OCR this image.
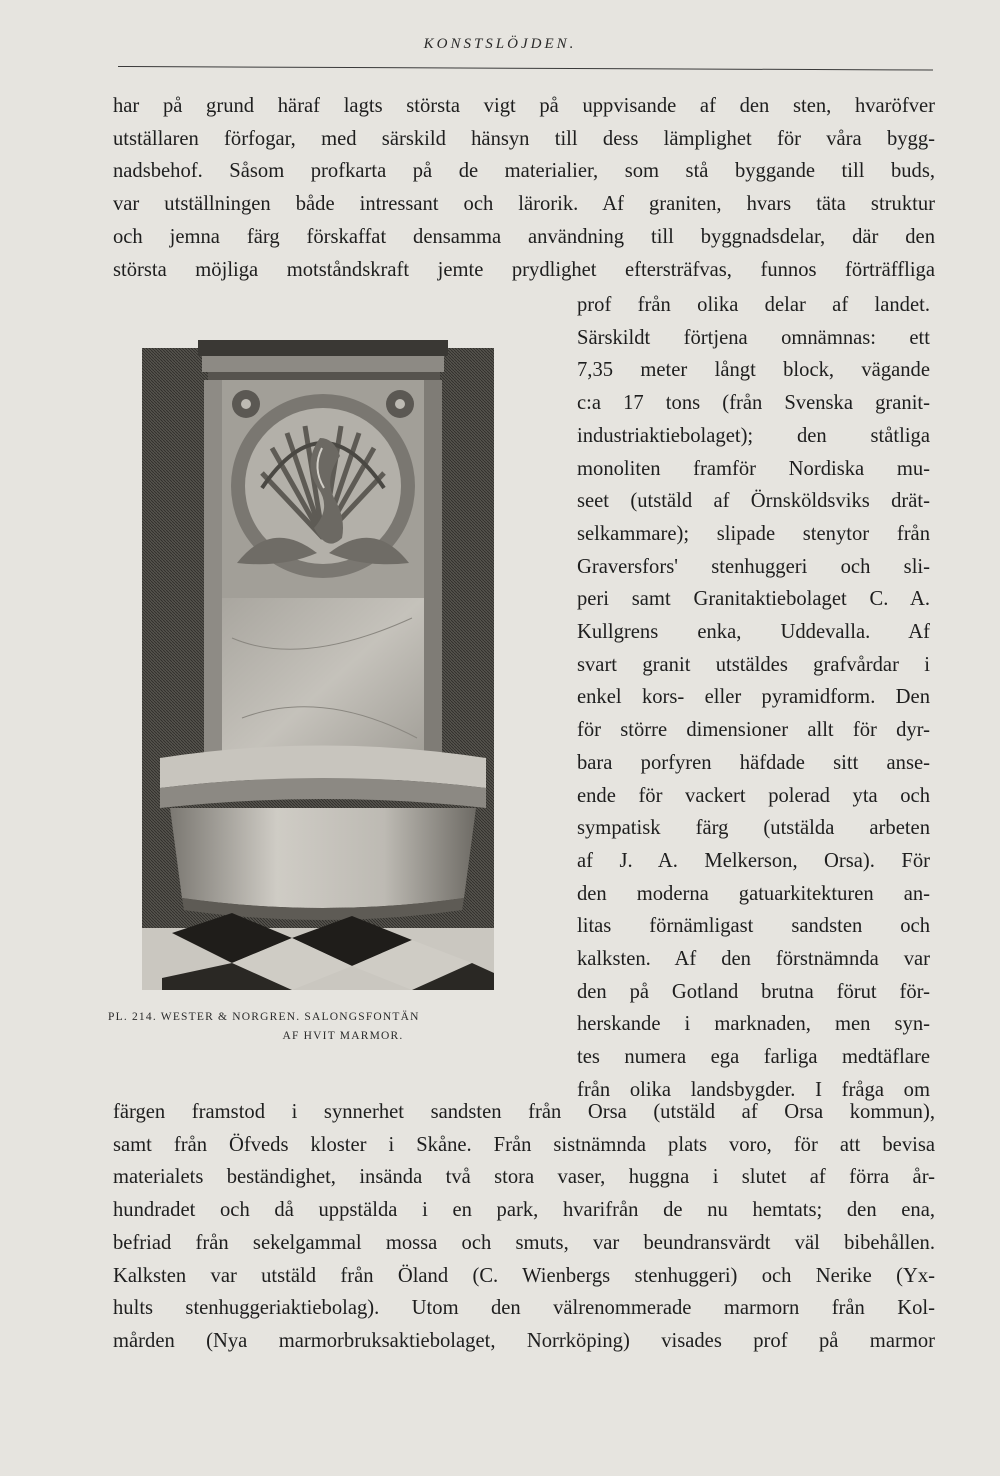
KONSTSLÖJDEN.
har på grund häraf lagts största vigt på uppvisande af den sten, hvaröfver
utställaren förfogar, med särskild hänsyn till dess lämplighet för våra bygg-
nadsbehof. Såsom profkarta på de materialier, som stå byggande till buds,
var utställningen både intressant och lärorik. Af graniten, hvars täta struktur
och jemna färg förskaffat densamma användning till byggnadsdelar, där den
största möjliga motståndskraft jemte prydlighet eftersträfvas, funnos förträffliga
prof från olika delar af landet.
Särskildt förtjena omnämnas: ett
7,35 meter långt block, vägande
c:a 17 tons (från Svenska granit-
industriaktiebolaget); den ståtliga
monoliten framför Nordiska mu-
seet (utstäld af Örnsköldsviks drät-
selkammare); slipade stenytor från
Graversfors' stenhuggeri och sli-
peri samt Granitaktiebolaget C. A.
Kullgrens enka, Uddevalla. Af
svart granit utstäldes grafvårdar i
enkel kors- eller pyramidform. Den
för större dimensioner allt för dyr-
bara porfyren häfdade sitt anse-
ende för vackert polerad yta och
sympatisk färg (utstälda arbeten
af J. A. Melkerson, Orsa). För
den moderna gatuarkitekturen an-
litas förnämligast sandsten och
kalksten. Af den förstnämnda var
den på Gotland brutna förut för-
herskande i marknaden, men syn-
tes numera ega farliga medtäflare
från olika landsbygder. I fråga om
PL. 214. WESTER & NORGREN. SALONGSFONTÄN
AF HVIT MARMOR.
färgen framstod i synnerhet sandsten från Orsa (utstäld af Orsa kommun),
samt från Öfveds kloster i Skåne. Från sistnämnda plats voro, för att bevisa
materialets beständighet, insända två stora vaser, huggna i slutet af förra år-
hundradet och då uppstälda i en park, hvarifrån de nu hemtats; den ena,
befriad från sekelgammal mossa och smuts, var beundransvärdt väl bibehållen.
Kalksten var utstäld från Öland (C. Wienbergs stenhuggeri) och Nerike (Yx-
hults stenhuggeriaktiebolag). Utom den välrenommerade marmorn från Kol-
mården (Nya marmorbruksaktiebolaget, Norrköping) visades prof på marmor
